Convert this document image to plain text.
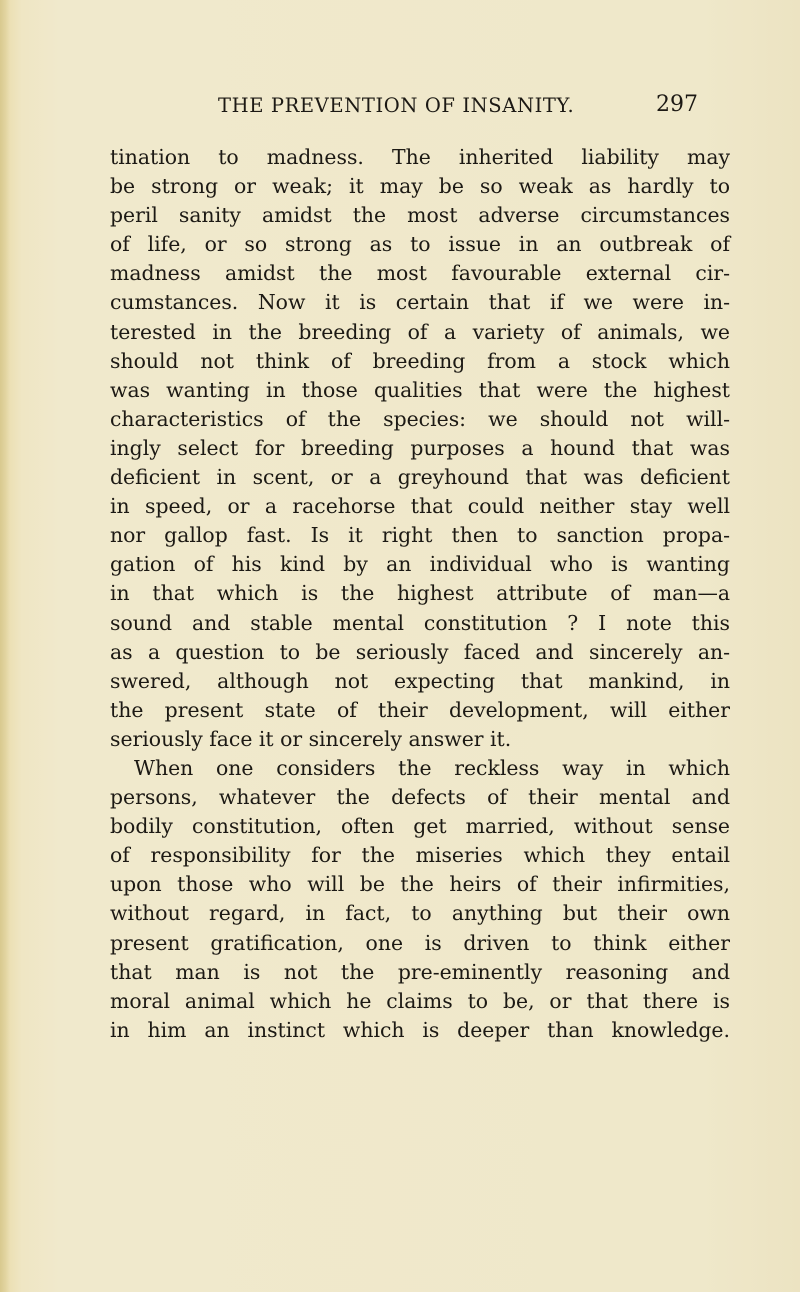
THE PREVENTION OF INSANITY.	297
tination to madness. The inherited liability may
be strong or weak; it may be so weak as hardly to
peril sanity amidst the most adverse circumstances
of life, or so strong as to issue in an outbreak of
madness amidst the most favourable external cir-
cumstances. Now it is certain that if we were in-
terested in the breeding of a variety of animals, we
should not think of breeding from a stock which
was wanting in those qualities that were the highest
characteristics of the species: we should not will-
ingly select for breeding purposes a hound that was
deficient in scent, or a greyhound that was deficient
in speed, or a racehorse that could neither stay well
nor gallop fast. Is it right then to sanction propa-
gation of his kind by an individual who is wanting
in that which is the highest attribute of man—a
sound and stable mental constitution ? I note this
as a question to be seriously faced and sincerely an-
swered, although not expecting that mankind, in
the present state of their development, will either
seriously face it or sincerely answer it.
When one considers the reckless way in which
persons, whatever the defects of their mental and
bodily constitution, often get married, without sense
of responsibility for the miseries which they entail
upon those who will be the heirs of their infirmities,
without regard, in fact, to anything but their own
present gratification, one is driven to think either
that man is not the pre-eminently reasoning and
moral animal which he claims to be, or that there is
in him an instinct which is deeper than knowledge.
